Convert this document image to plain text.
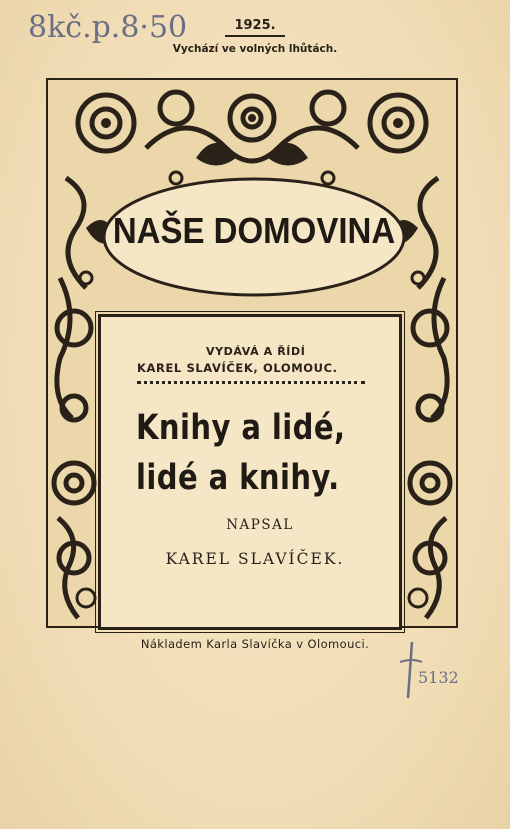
8kč.p.8·50	1925.
Vychází ve volných lhůtách.
NAŠE DOMOVINA
VYDÁVÁ A ŘÍDÍ
KAREL SLAVÍČEK, OLOMOUC.
Knihy a lidé,
lidé a knihy.
NAPSAL
KAREL SLAVÍČEK.
Nákladem Karla Slavíčka v Olomouci.
5132
